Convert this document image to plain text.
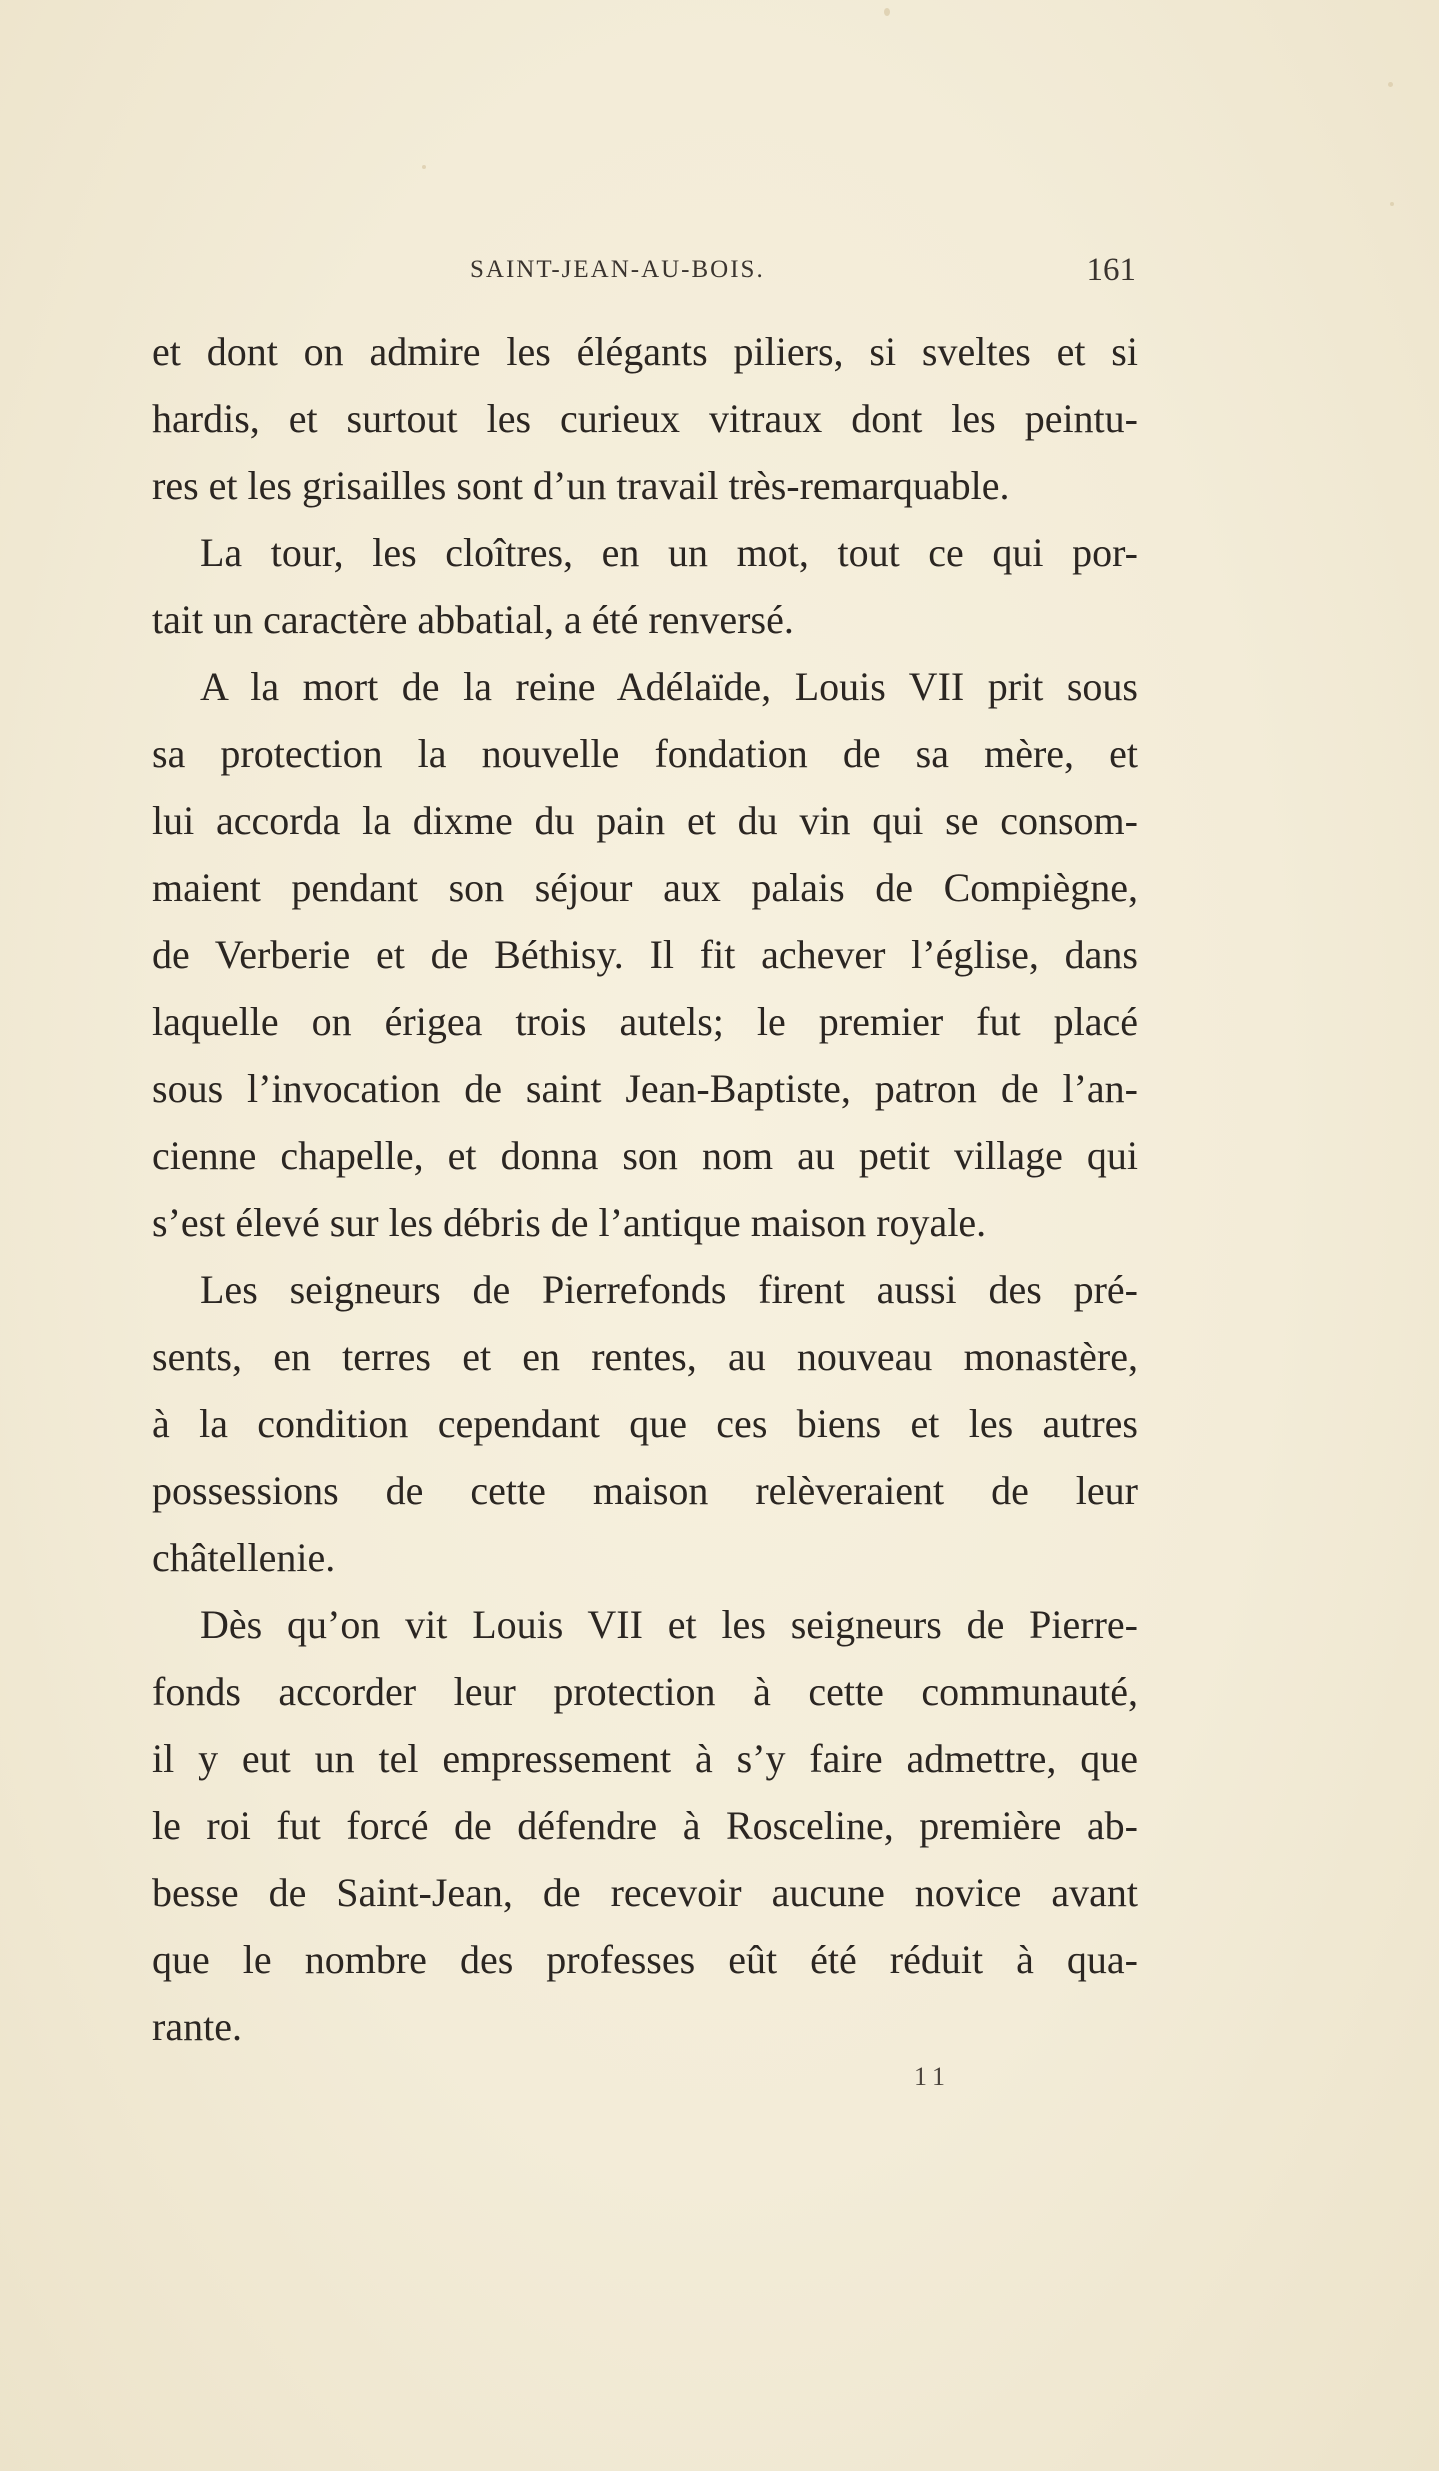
SAINT-JEAN-AU-BOIS.	161
et dont on admire les élégants piliers, si sveltes et si
hardis, et surtout les curieux vitraux dont les peintu-
res et les grisailles sont d’un travail très-remarquable.
La tour, les cloîtres, en un mot, tout ce qui por-
tait un caractère abbatial, a été renversé.
A la mort de la reine Adélaïde, Louis VII prit sous
sa protection la nouvelle fondation de sa mère, et
lui accorda la dixme du pain et du vin qui se consom-
maient pendant son séjour aux palais de Compiègne,
de Verberie et de Béthisy. Il fit achever l’église, dans
laquelle on érigea trois autels; le premier fut placé
sous l’invocation de saint Jean-Baptiste, patron de l’an-
cienne chapelle, et donna son nom au petit village qui
s’est élevé sur les débris de l’antique maison royale.
Les seigneurs de Pierrefonds firent aussi des pré-
sents, en terres et en rentes, au nouveau monastère,
à la condition cependant que ces biens et les autres
possessions de cette maison relèveraient de leur
châtellenie.
Dès qu’on vit Louis VII et les seigneurs de Pierre-
fonds accorder leur protection à cette communauté,
il y eut un tel empressement à s’y faire admettre, que
le roi fut forcé de défendre à Rosceline, première ab-
besse de Saint-Jean, de recevoir aucune novice avant
que le nombre des professes eût été réduit à qua-
rante.
11
